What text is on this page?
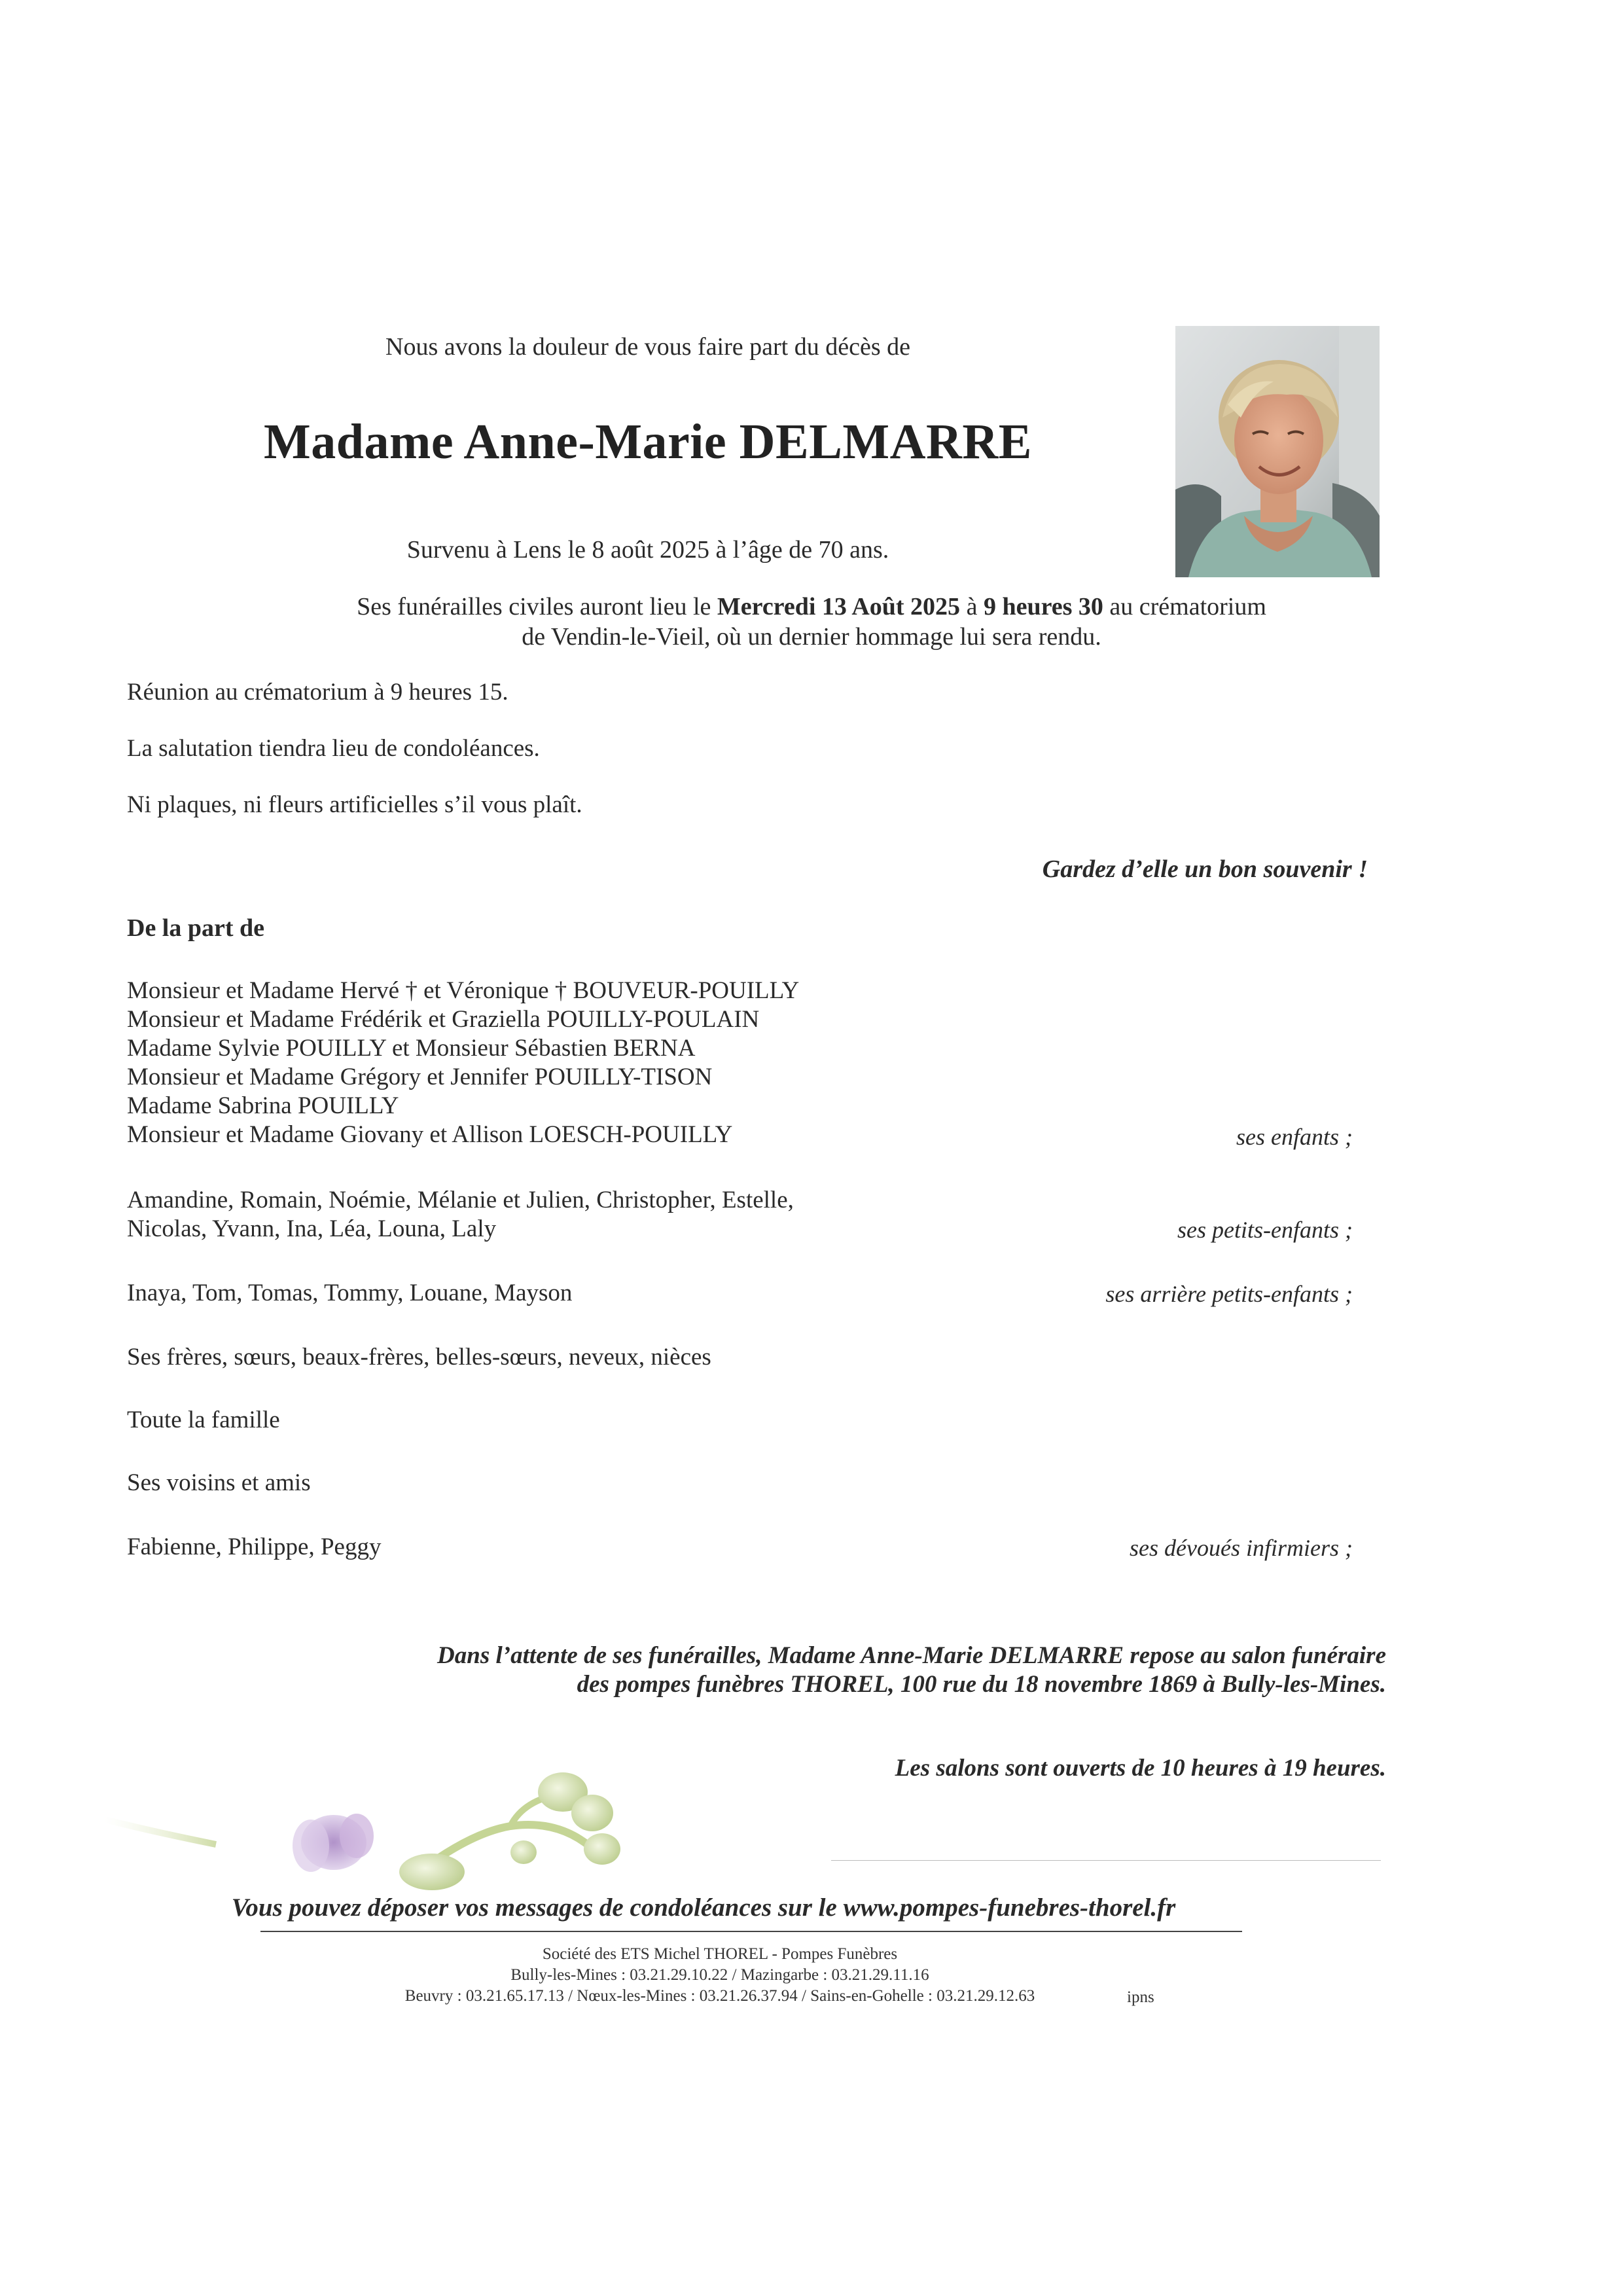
Nous avons la douleur de vous faire part du décès de
Madame Anne-Marie DELMARRE
Survenu à Lens le 8 août 2025 à l’âge de 70 ans.
Ses funérailles civiles auront lieu le Mercredi 13 Août 2025 à 9 heures 30 au crématorium
de Vendin-le-Vieil, où un dernier hommage lui sera rendu.
Réunion au crématorium à 9 heures 15.
La salutation tiendra lieu de condoléances.
Ni plaques, ni fleurs artificielles s’il vous plaît.
Gardez d’elle un bon souvenir !
De la part de
Monsieur et Madame Hervé † et Véronique † BOUVEUR-POUILLY
Monsieur et Madame Frédérik et Graziella POUILLY-POULAIN
Madame Sylvie POUILLY et Monsieur Sébastien BERNA
Monsieur et Madame Grégory et Jennifer POUILLY-TISON
Madame Sabrina POUILLY
Monsieur et Madame Giovany et Allison LOESCH-POUILLY	ses enfants ;
Amandine, Romain, Noémie, Mélanie et Julien, Christopher, Estelle,
Nicolas, Yvann, Ina, Léa, Louna, Laly	ses petits-enfants ;
Inaya, Tom, Tomas, Tommy, Louane, Mayson	ses arrière petits-enfants ;
Ses frères, sœurs, beaux-frères, belles-sœurs, neveux, nièces
Toute la famille
Ses voisins et amis
Fabienne, Philippe, Peggy	ses dévoués infirmiers ;
Dans l’attente de ses funérailles, Madame Anne-Marie DELMARRE repose au salon funéraire
des pompes funèbres THOREL, 100 rue du 18 novembre 1869 à Bully-les-Mines.
Les salons sont ouverts de 10 heures à 19 heures.
Vous pouvez déposer vos messages de condoléances sur le www.pompes-funebres-thorel.fr
Société des ETS Michel THOREL - Pompes Funèbres
Bully-les-Mines : 03.21.29.10.22 / Mazingarbe : 03.21.29.11.16
Beuvry : 03.21.65.17.13 / Nœux-les-Mines : 03.21.26.37.94 / Sains-en-Gohelle : 03.21.29.12.63	ipns
